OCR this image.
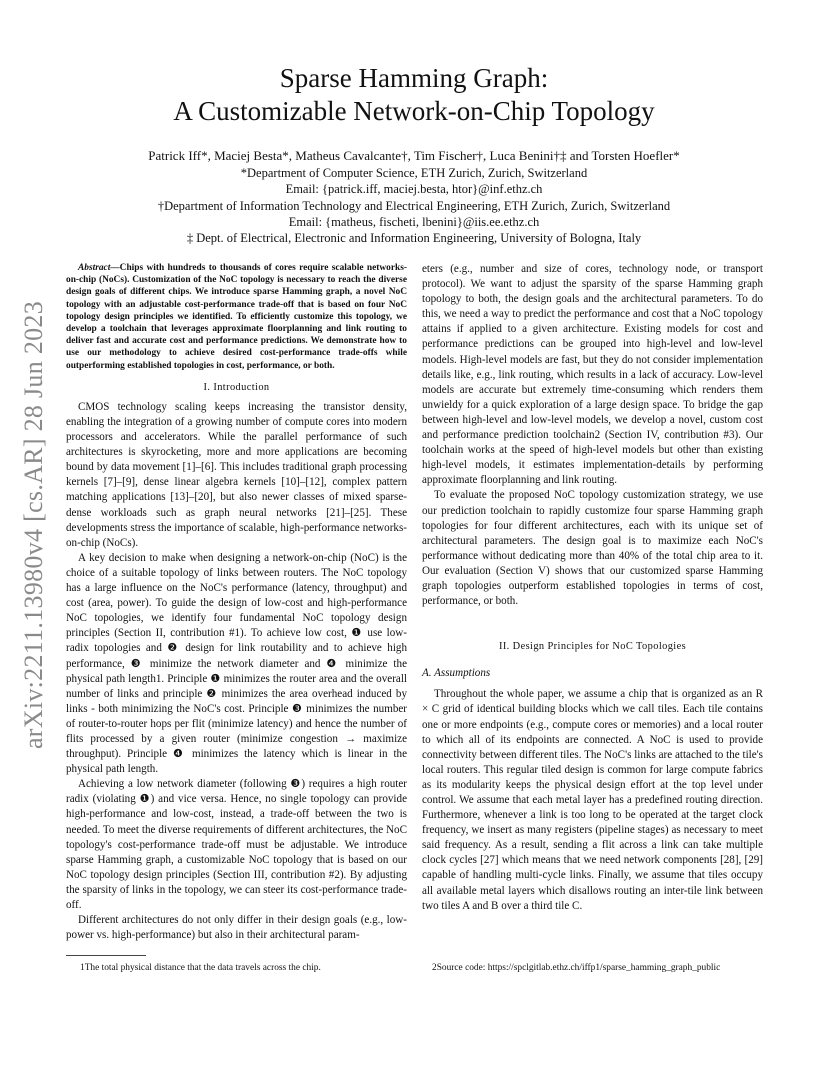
arXiv:2211.13980v4 [cs.AR] 28 Jun 2023
Sparse Hamming Graph:
A Customizable Network-on-Chip Topology
Patrick Iff*, Maciej Besta*, Matheus Cavalcante†, Tim Fischer†, Luca Benini†‡ and Torsten Hoefler*
*Department of Computer Science, ETH Zurich, Zurich, Switzerland
Email: {patrick.iff, maciej.besta, htor}@inf.ethz.ch
†Department of Information Technology and Electrical Engineering, ETH Zurich, Zurich, Switzerland
Email: {matheus, fischeti, lbenini}@iis.ee.ethz.ch
‡ Dept. of Electrical, Electronic and Information Engineering, University of Bologna, Italy

Abstract—Chips with hundreds to thousands of cores require scalable networks-on-chip (NoCs). Customization of the NoC topology is necessary to reach the diverse design goals of different chips. We introduce sparse Hamming graph, a novel NoC topology with an adjustable cost-performance trade-off that is based on four NoC topology design principles we identified. To efficiently customize this topology, we develop a toolchain that leverages approximate floorplanning and link routing to deliver fast and accurate cost and performance predictions. We demonstrate how to use our methodology to achieve desired cost-performance trade-offs while outperforming established topologies in cost, performance, or both.

I. Introduction

CMOS technology scaling keeps increasing the transistor density, enabling the integration of a growing number of compute cores into modern processors and accelerators. While the parallel performance of such architectures is skyrocketing, more and more applications are becoming bound by data movement [1]–[6]. This includes traditional graph processing kernels [7]–[9], dense linear algebra kernels [10]–[12], complex pattern matching applications [13]–[20], but also newer classes of mixed sparse-dense workloads such as graph neural networks [21]–[25]. These developments stress the importance of scalable, high-performance networks-on-chip (NoCs).

A key decision to make when designing a network-on-chip (NoC) is the choice of a suitable topology of links between routers. The NoC topology has a large influence on the NoC's performance (latency, throughput) and cost (area, power). To guide the design of low-cost and high-performance NoC topologies, we identify four fundamental NoC topology design principles (Section II, contribution #1). To achieve low cost, ❶ use low-radix topologies and ❷ design for link routability and to achieve high performance, ❸ minimize the network diameter and ❹ minimize the physical path length1. Principle ❶ minimizes the router area and the overall number of links and principle ❷ minimizes the area overhead induced by links - both minimizing the NoC's cost. Principle ❸ minimizes the number of router-to-router hops per flit (minimize latency) and hence the number of flits processed by a given router (minimize congestion → maximize throughput). Principle ❹ minimizes the latency which is linear in the physical path length.

Achieving a low network diameter (following ❸) requires a high router radix (violating ❶) and vice versa. Hence, no single topology can provide high-performance and low-cost, instead, a trade-off between the two is needed. To meet the diverse requirements of different architectures, the NoC topology's cost-performance trade-off must be adjustable. We introduce sparse Hamming graph, a customizable NoC topology that is based on our NoC topology design principles (Section III, contribution #2). By adjusting the sparsity of links in the topology, we can steer its cost-performance trade-off.

Different architectures do not only differ in their design goals (e.g., low-power vs. high-performance) but also in their architectural param-

eters (e.g., number and size of cores, technology node, or transport protocol). We want to adjust the sparsity of the sparse Hamming graph topology to both, the design goals and the architectural parameters. To do this, we need a way to predict the performance and cost that a NoC topology attains if applied to a given architecture. Existing models for cost and performance predictions can be grouped into high-level and low-level models. High-level models are fast, but they do not consider implementation details like, e.g., link routing, which results in a lack of accuracy. Low-level models are accurate but extremely time-consuming which renders them unwieldy for a quick exploration of a large design space. To bridge the gap between high-level and low-level models, we develop a novel, custom cost and performance prediction toolchain2 (Section IV, contribution #3). Our toolchain works at the speed of high-level models but other than existing high-level models, it estimates implementation-details by performing approximate floorplanning and link routing.

To evaluate the proposed NoC topology customization strategy, we use our prediction toolchain to rapidly customize four sparse Hamming graph topologies for four different architectures, each with its unique set of architectural parameters. The design goal is to maximize each NoC's performance without dedicating more than 40% of the total chip area to it. Our evaluation (Section V) shows that our customized sparse Hamming graph topologies outperform established topologies in terms of cost, performance, or both.

II. Design Principles for NoC Topologies
A. Assumptions

Throughout the whole paper, we assume a chip that is organized as an R × C grid of identical building blocks which we call tiles. Each tile contains one or more endpoints (e.g., compute cores or memories) and a local router to which all of its endpoints are connected. A NoC is used to provide connectivity between different tiles. The NoC's links are attached to the tile's local routers. This regular tiled design is common for large compute fabrics as its modularity keeps the physical design effort at the top level under control. We assume that each metal layer has a predefined routing direction. Furthermore, whenever a link is too long to be operated at the target clock frequency, we insert as many registers (pipeline stages) as necessary to meet said frequency. As a result, sending a flit across a link can take multiple clock cycles [27] which means that we need network components [28], [29] capable of handling multi-cycle links. Finally, we assume that tiles occupy all available metal layers which disallows routing an inter-tile link between two tiles A and B over a third tile C.

1The total physical distance that the data travels across the chip.	2Source code: https://spclgitlab.ethz.ch/iffp1/sparse_hamming_graph_public
